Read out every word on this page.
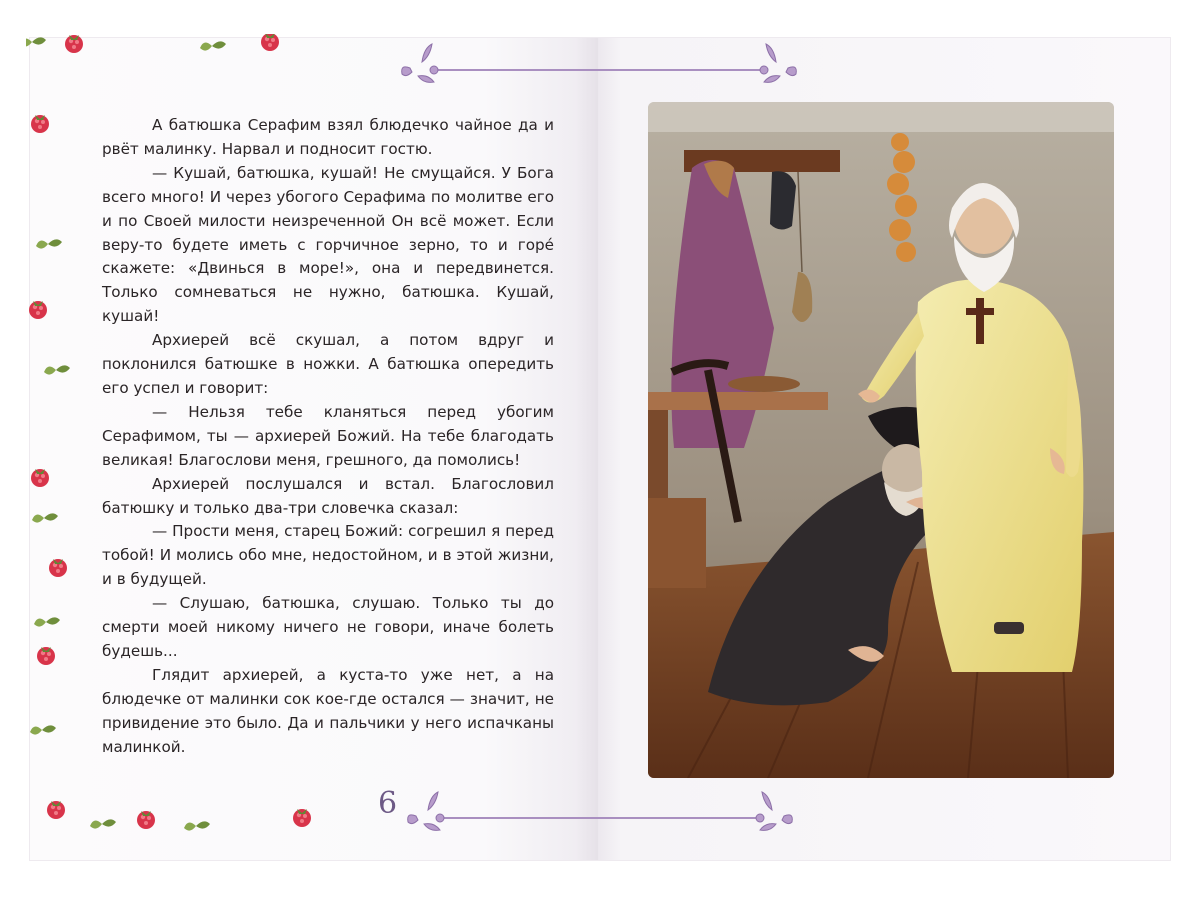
А батюшка Серафим взял блюдечко чайное да и рвёт малинку. Нарвал и подносит гостю.

— Кушай, батюшка, кушай! Не смущайся. У Бога всего много! И через убогого Серафима по молитве его и по Своей милости неизреченной Он всё может. Если веру-то будете иметь с горчичное зерно, то и горе́ скажете: «Двинься в море!», она и передвинется. Только сомневаться не нужно, батюшка. Кушай, кушай!

Архиерей всё скушал, а потом вдруг и поклонился батюшке в ножки. А батюшка опередить его успел и говорит:

— Нельзя тебе кланяться перед убогим Серафимом, ты — архиерей Божий. На тебе благодать великая! Благослови меня, грешного, да помолись!

Архиерей послушался и встал. Благословил батюшку и только два-три словечка сказал:

— Прости меня, старец Божий: согрешил я перед тобой! И молись обо мне, недостойном, и в этой жизни, и в будущей.

— Слушаю, батюшка, слушаю. Только ты до смерти моей никому ничего не говори, иначе болеть будешь...

Глядит архиерей, а куста-то уже нет, а на блюдечке от малинки сок кое-где остался — значит, не привидение это было. Да и пальчики у него испачканы малинкой.

6
